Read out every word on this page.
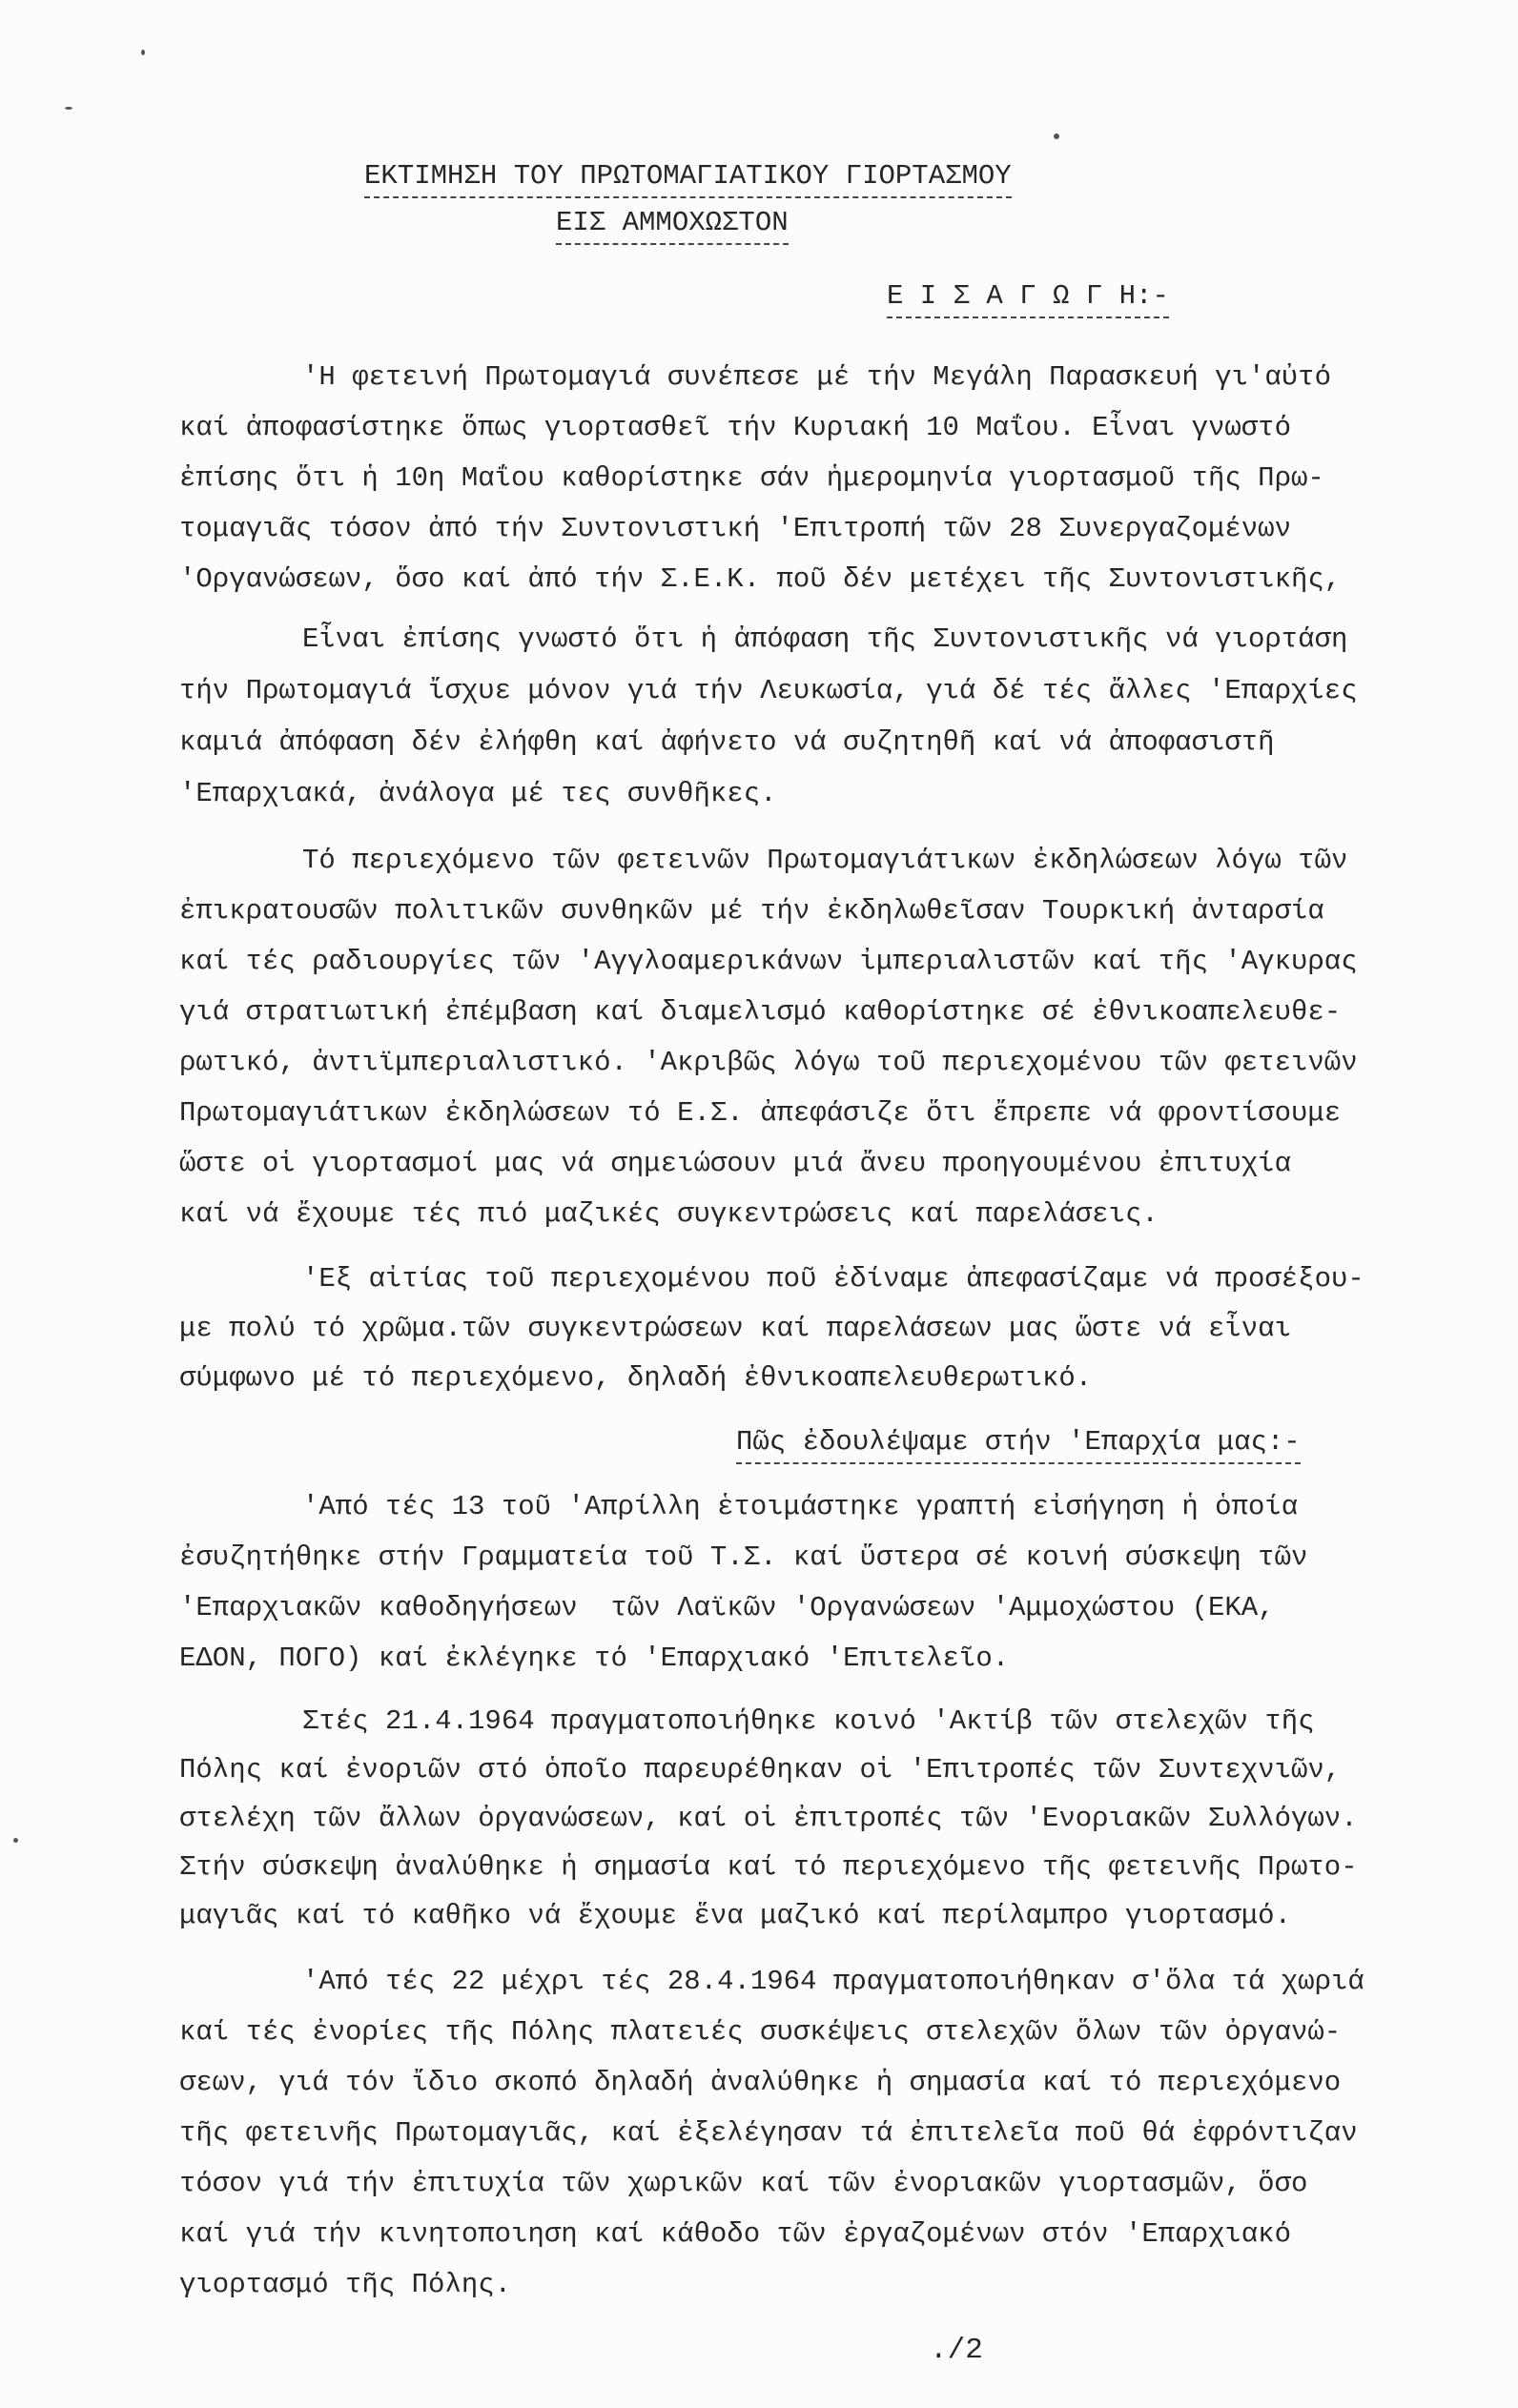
ΕΚΤΙΜΗΣΗ ΤΟΥ ΠΡΩΤΟΜΑΓΙΑΤΙΚΟΥ ΓΙΟΡΤΑΣΜΟΥ
ΕΙΣ ΑΜΜΟΧΩΣΤΟΝ
Ε Ι Σ Α Γ Ω Γ Η:-
'Η φετεινή Πρωτομαγιά συνέπεσε μέ τήν Μεγάλη Παρασκευή γι'αὐτό
καί ἀποφασίστηκε ὅπως γιορτασθεῖ τήν Κυριακή 10 Μαΐου. Εἶναι γνωστό
ἐπίσης ὅτι ἡ 10η Μαΐου καθορίστηκε σάν ἡμερομηνία γιορτασμοῦ τῆς Πρω-
τομαγιᾶς τόσον ἀπό τήν Συντονιστική 'Επιτροπή τῶν 28 Συνεργαζομένων
'Οργανώσεων, ὅσο καί ἀπό τήν Σ.Ε.Κ. ποῦ δέν μετέχει τῆς Συντονιστικῆς,
Εἶναι ἐπίσης γνωστό ὅτι ἡ ἀπόφαση τῆς Συντονιστικῆς νά γιορτάση
τήν Πρωτομαγιά ἴσχυε μόνον γιά τήν Λευκωσία, γιά δέ τές ἄλλες 'Επαρχίες
καμιά ἀπόφαση δέν ἐλήφθη καί ἀφήνετο νά συζητηθῆ καί νά ἀποφασιστῆ
'Επαρχιακά, ἀνάλογα μέ τες συνθῆκες.
Τό περιεχόμενο τῶν φετεινῶν Πρωτομαγιάτικων ἐκδηλώσεων λόγω τῶν
ἐπικρατουσῶν πολιτικῶν συνθηκῶν μέ τήν ἐκδηλωθεῖσαν Τουρκική ἀνταρσία
καί τές ραδιουργίες τῶν 'Αγγλοαμερικάνων ἰμπεριαλιστῶν καί τῆς 'Αγκυρας
γιά στρατιωτική ἐπέμβαση καί διαμελισμό καθορίστηκε σέ ἐθνικοαπελευθε-
ρωτικό, ἀντιϊμπεριαλιστικό. 'Ακριβῶς λόγω τοῦ περιεχομένου τῶν φετεινῶν
Πρωτομαγιάτικων ἐκδηλώσεων τό Ε.Σ. ἀπεφάσιζε ὅτι ἔπρεπε νά φροντίσουμε
ὥστε οἱ γιορτασμοί μας νά σημειώσουν μιά ἄνευ προηγουμένου ἐπιτυχία
καί νά ἔχουμε τές πιό μαζικές συγκεντρώσεις καί παρελάσεις.
'Εξ αἰτίας τοῦ περιεχομένου ποῦ ἐδίναμε ἀπεφασίζαμε νά προσέξου-
με πολύ τό χρῶμα.τῶν συγκεντρώσεων καί παρελάσεων μας ὥστε νά εἶναι
σύμφωνο μέ τό περιεχόμενο, δηλαδή ἐθνικοαπελευθερωτικό.
Πῶς ἐδουλέψαμε στήν 'Επαρχία μας:-
'Από τές 13 τοῦ 'Απρίλλη ἑτοιμάστηκε γραπτή εἰσήγηση ἡ ὁποία
ἐσυζητήθηκε στήν Γραμματεία τοῦ Τ.Σ. καί ὕστερα σέ κοινή σύσκεψη τῶν
'Επαρχιακῶν καθοδηγήσεων  τῶν Λαϊκῶν 'Οργανώσεων 'Αμμοχώστου (ΕΚΑ,
ΕΔΟΝ, ΠΟΓΟ) καί ἐκλέγηκε τό 'Επαρχιακό 'Επιτελεῖο.
Στές 21.4.1964 πραγματοποιήθηκε κοινό 'Ακτίβ τῶν στελεχῶν τῆς
Πόλης καί ἐνοριῶν στό ὁποῖο παρευρέθηκαν οἱ 'Επιτροπές τῶν Συντεχνιῶν,
στελέχη τῶν ἄλλων ὀργανώσεων, καί οἱ ἐπιτροπές τῶν 'Ενοριακῶν Συλλόγων.
Στήν σύσκεψη ἀναλύθηκε ἡ σημασία καί τό περιεχόμενο τῆς φετεινῆς Πρωτο-
μαγιᾶς καί τό καθῆκο νά ἔχουμε ἕνα μαζικό καί περίλαμπρο γιορτασμό.
'Από τές 22 μέχρι τές 28.4.1964 πραγματοποιήθηκαν σ'ὅλα τά χωριά
καί τές ἐνορίες τῆς Πόλης πλατειές συσκέψεις στελεχῶν ὅλων τῶν ὀργανώ-
σεων, γιά τόν ἴδιο σκοπό δηλαδή ἀναλύθηκε ἡ σημασία καί τό περιεχόμενο
τῆς φετεινῆς Πρωτομαγιᾶς, καί ἐξελέγησαν τά ἐπιτελεῖα ποῦ θά ἐφρόντιζαν
τόσον γιά τήν ἐπιτυχία τῶν χωρικῶν καί τῶν ἐνοριακῶν γιορτασμῶν, ὅσο
καί γιά τήν κινητοποιηση καί κάθοδο τῶν ἐργαζομένων στόν 'Επαρχιακό
γιορτασμό τῆς Πόλης.
./2
